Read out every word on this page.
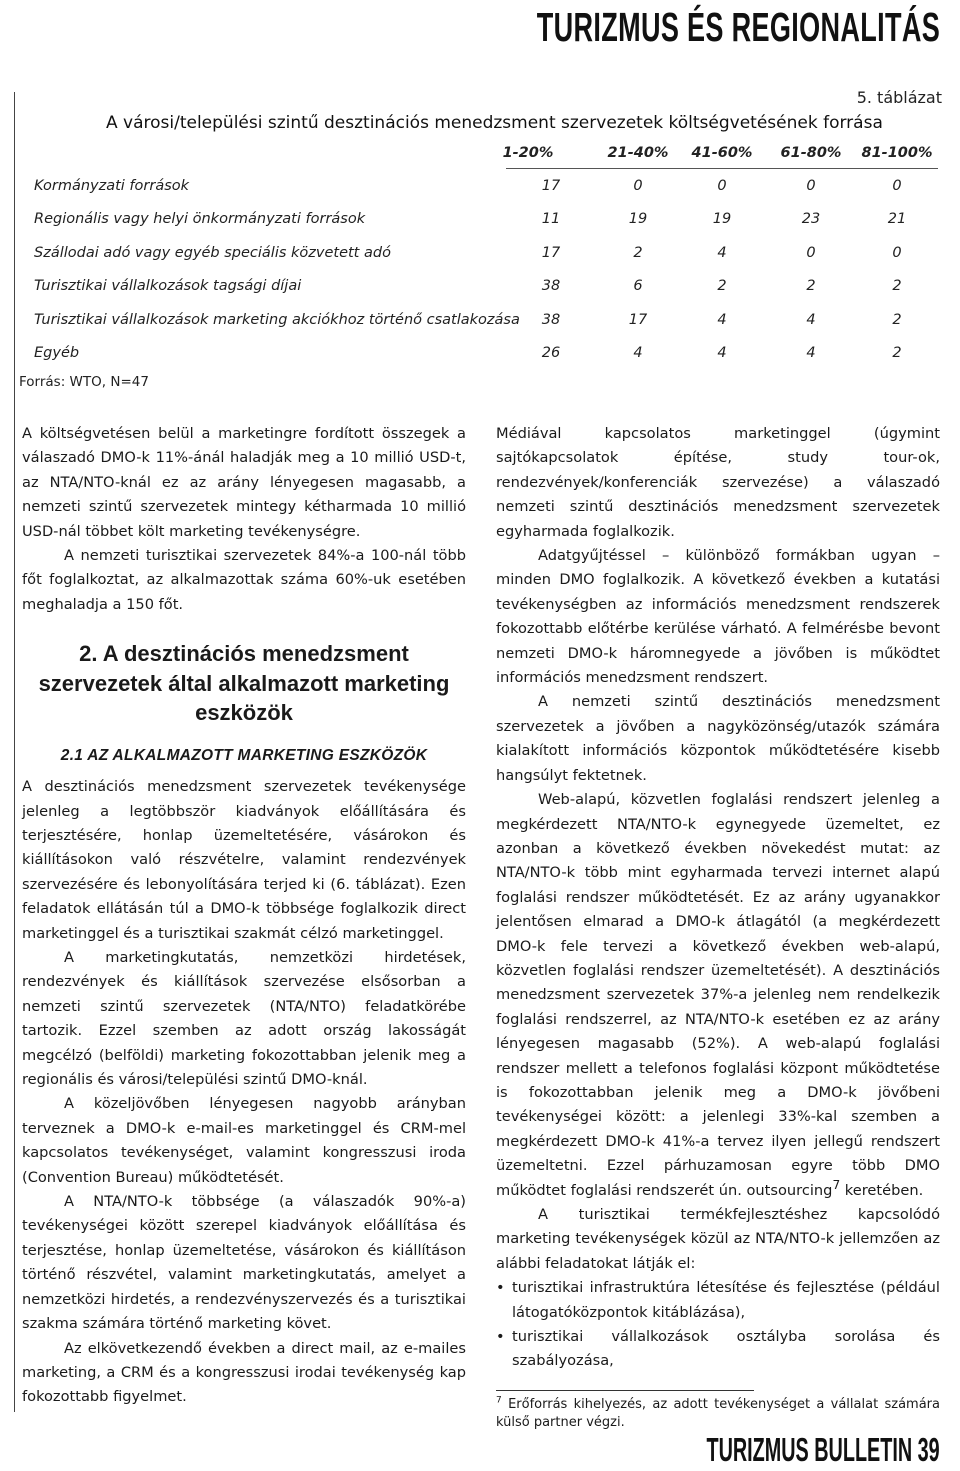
TURIZMUS ÉS REGIONALITÁS
5. táblázat
A városi/települési szintű desztinációs menedzsment szervezetek költségvetésének forrása
1-20%	21-40%	41-60%	61-80%	81-100%
Kormányzati források	17	0	0	0	0
Regionális vagy helyi önkormányzati források	11	19	19	23	21
Szállodai adó vagy egyéb speciális közvetett adó	17	2	4	0	0
Turisztikai vállalkozások tagsági díjai	38	6	2	2	2
Turisztikai vállalkozások marketing akciókhoz történő csatlakozása	38	17	4	4	2
Egyéb	26	4	4	4	2
Forrás: WTO, N=47

A költségvetésen belül a marketingre fordított összegek a válaszadó DMO-k 11%-ánál haladják meg a 10 millió USD-t, az NTA/NTO-knál ez az arány lényegesen magasabb, a nemzeti szintű szervezetek mintegy kétharmada 10 millió USD-nál többet költ marketing tevékenységre.

A nemzeti turisztikai szervezetek 84%-a 100-nál több főt foglalkoztat, az alkalmazottak száma 60%-uk esetében meghaladja a 150 főt.

2. A desztinációs menedzsment szervezetek által alkalmazott marketing eszközök
2.1 AZ ALKALMAZOTT MARKETING ESZKÖZÖK

A desztinációs menedzsment szervezetek tevékenysége jelenleg a legtöbbször kiadványok előállítására és terjesztésére, honlap üzemeltetésére, vásárokon és kiállításokon való részvételre, valamint rendezvények szervezésére és lebonyolítására terjed ki (6. táblázat). Ezen feladatok ellátásán túl a DMO-k többsége foglalkozik direct marketinggel és a turisztikai szakmát célzó marketinggel.

A marketingkutatás, nemzetközi hirdetések, rendezvények és kiállítások szervezése elsősorban a nemzeti szintű szervezetek (NTA/NTO) feladatkörébe tartozik. Ezzel szemben az adott ország lakosságát megcélzó (belföldi) marketing fokozottabban jelenik meg a regionális és városi/települési szintű DMO-knál.

A közeljövőben lényegesen nagyobb arányban terveznek a DMO-k e-mail-es marketinggel és CRM-mel kapcsolatos tevékenységet, valamint kongresszusi iroda (Convention Bureau) működtetését.

A NTA/NTO-k többsége (a válaszadók 90%-a) tevékenységei között szerepel kiadványok előállítása és terjesztése, honlap üzemeltetése, vásárokon és kiállításon történő részvétel, valamint marketingkutatás, amelyet a nemzetközi hirdetés, a rendezvényszervezés és a turisztikai szakma számára történő marketing követ.

Az elkövetkezendő években a direct mail, az e-mailes marketing, a CRM és a kongresszusi irodai tevékenység kap fokozottabb figyelmet.

Médiával kapcsolatos marketinggel (úgymint sajtókapcsolatok építése, study tour-ok, rendezvények/konferenciák szervezése) a válaszadó nemzeti szintű desztinációs menedzsment szervezetek egyharmada foglalkozik.

Adatgyűjtéssel – különböző formákban ugyan – minden DMO foglalkozik. A következő években a kutatási tevékenységben az információs menedzsment rendszerek fokozottabb előtérbe kerülése várható. A felmérésbe bevont nemzeti DMO-k háromnegyede a jövőben is működtet információs menedzsment rendszert.

A nemzeti szintű desztinációs menedzsment szervezetek a jövőben a nagyközönség/utazók számára kialakított információs központok működtetésére kisebb hangsúlyt fektetnek.

Web-alapú, közvetlen foglalási rendszert jelenleg a megkérdezett NTA/NTO-k egynegyede üzemeltet, ez azonban a következő években növekedést mutat: az NTA/NTO-k több mint egyharmada tervezi internet alapú foglalási rendszer működtetését. Ez az arány ugyanakkor jelentősen elmarad a DMO-k átlagától (a megkérdezett DMO-k fele tervezi a következő években web-alapú, közvetlen foglalási rendszer üzemeltetését). A desztinációs menedzsment szervezetek 37%-a jelenleg nem rendelkezik foglalási rendszerrel, az NTA/NTO-k esetében ez az arány lényegesen magasabb (52%). A web-alapú foglalási rendszer mellett a telefonos foglalási központ működtetése is fokozottabban jelenik meg a DMO-k jövőbeni tevékenységei között: a jelenlegi 33%-kal szemben a megkérdezett DMO-k 41%-a tervez ilyen jellegű rendszert üzemeltetni. Ezzel párhuzamosan egyre több DMO működtet foglalási rendszerét ún. outsourcing$^7$ keretében.

A turisztikai termékfejlesztéshez kapcsolódó marketing tevékenységek közül az NTA/NTO-k jellemzően az alábbi feladatokat látják el:

• turisztikai infrastruktúra létesítése és fejlesztése (például látogatóközpontok kitáblázása),
• turisztikai vállalkozások osztályba sorolása és szabályozása,
$^7$ Erőforrás kihelyezés, az adott tevékenységet a vállalat számára külső partner végzi.
TURIZMUS BULLETIN 39
